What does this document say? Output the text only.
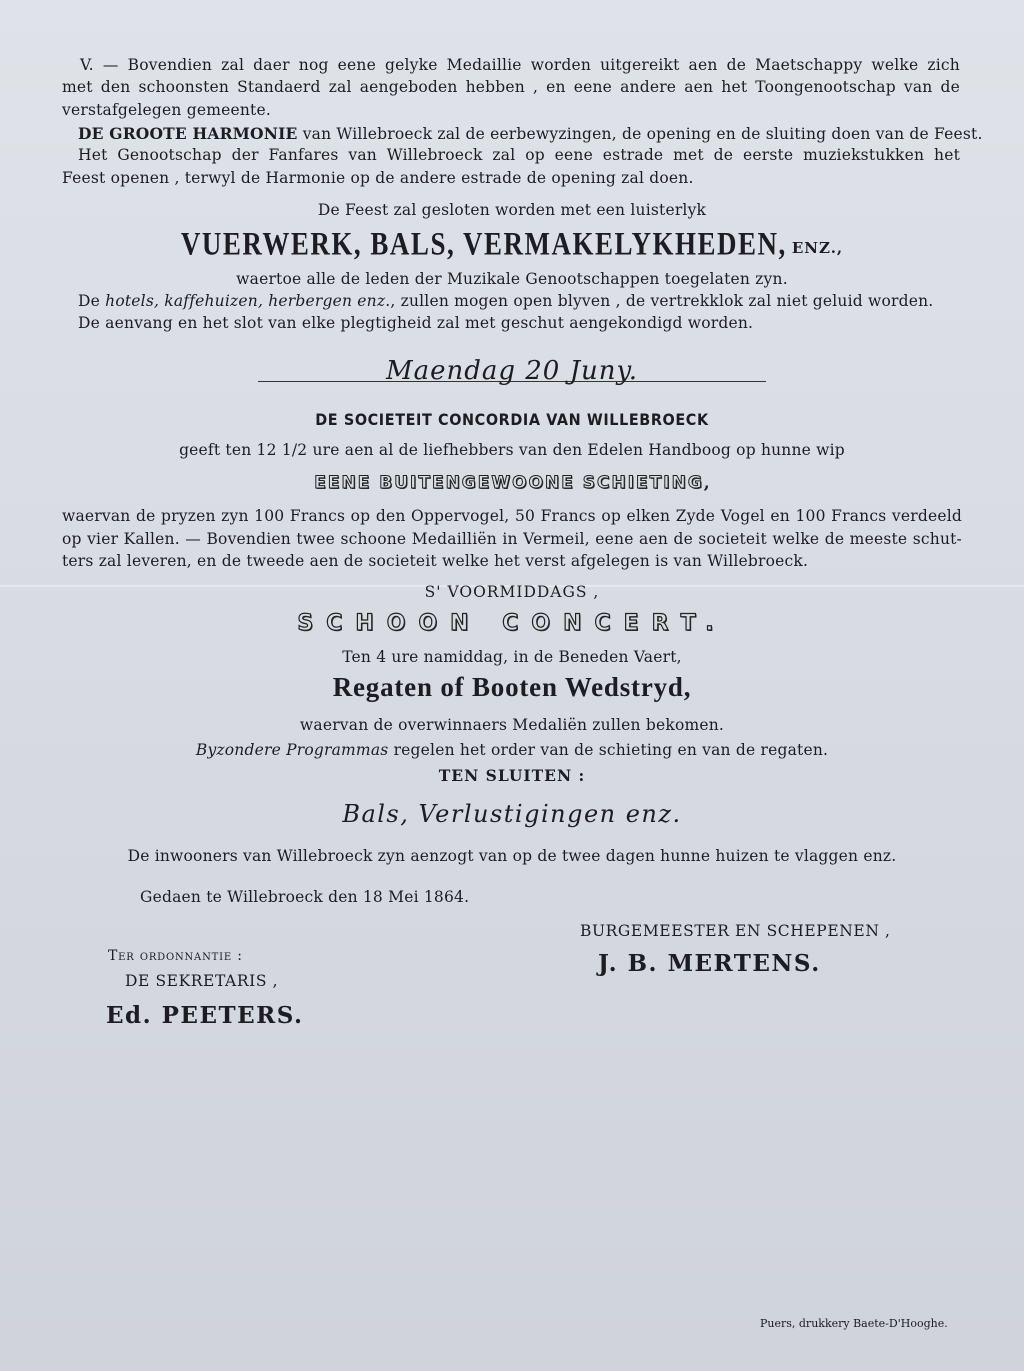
V. — Bovendien zal daer nog eene gelyke Medaillie worden uitgereikt aen de Maetschappy welke zich
met den schoonsten Standaerd zal aengeboden hebben , en eene andere aen het Toongenootschap van de
verstafgelegen gemeente.
DE GROOTE HARMONIE van Willebroeck zal de eerbewyzingen, de opening en de sluiting doen van de Feest.
Het Genootschap der Fanfares van Willebroeck zal op eene estrade met de eerste muziekstukken het
Feest openen , terwyl de Harmonie op de andere estrade de opening zal doen.
De Feest zal gesloten worden met een luisterlyk
VUERWERK, BALS, VERMAKELYKHEDEN, ENZ.,
waertoe alle de leden der Muzikale Genootschappen toegelaten zyn.
De hotels, kaffehuizen, herbergen enz., zullen mogen open blyven , de vertrekklok zal niet geluid worden.
De aenvang en het slot van elke plegtigheid zal met geschut aengekondigd worden.
Maendag 20 Juny.
DE SOCIETEIT CONCORDIA VAN WILLEBROECK
geeft ten 12 1/2 ure aen al de liefhebbers van den Edelen Handboog op hunne wip
EENE BUITENGEWOONE SCHIETING,
waervan de pryzen zyn 100 Francs op den Oppervogel, 50 Francs op elken Zyde Vogel en 100 Francs verdeeld
op vier Kallen. — Bovendien twee schoone Medailliën in Vermeil, eene aen de societeit welke de meeste schut-
ters zal leveren, en de tweede aen de societeit welke het verst afgelegen is van Willebroeck.
S' VOORMIDDAGS ,
SCHOON CONCERT.
Ten 4 ure namiddag, in de Beneden Vaert,
Regaten of Booten Wedstryd,
waervan de overwinnaers Medaliën zullen bekomen.
Byzondere Programmas regelen het order van de schieting en van de regaten.
TEN SLUITEN :
Bals, Verlustigingen enz.
De inwooners van Willebroeck zyn aenzogt van op de twee dagen hunne huizen te vlaggen enz.
Gedaen te Willebroeck den 18 Mei 1864.
BURGEMEESTER EN SCHEPENEN ,
J. B. MERTENS.
Ter ordonnantie :
DE SEKRETARIS ,
Ed. PEETERS.
Puers, drukkery Baete-D'Hooghe.
